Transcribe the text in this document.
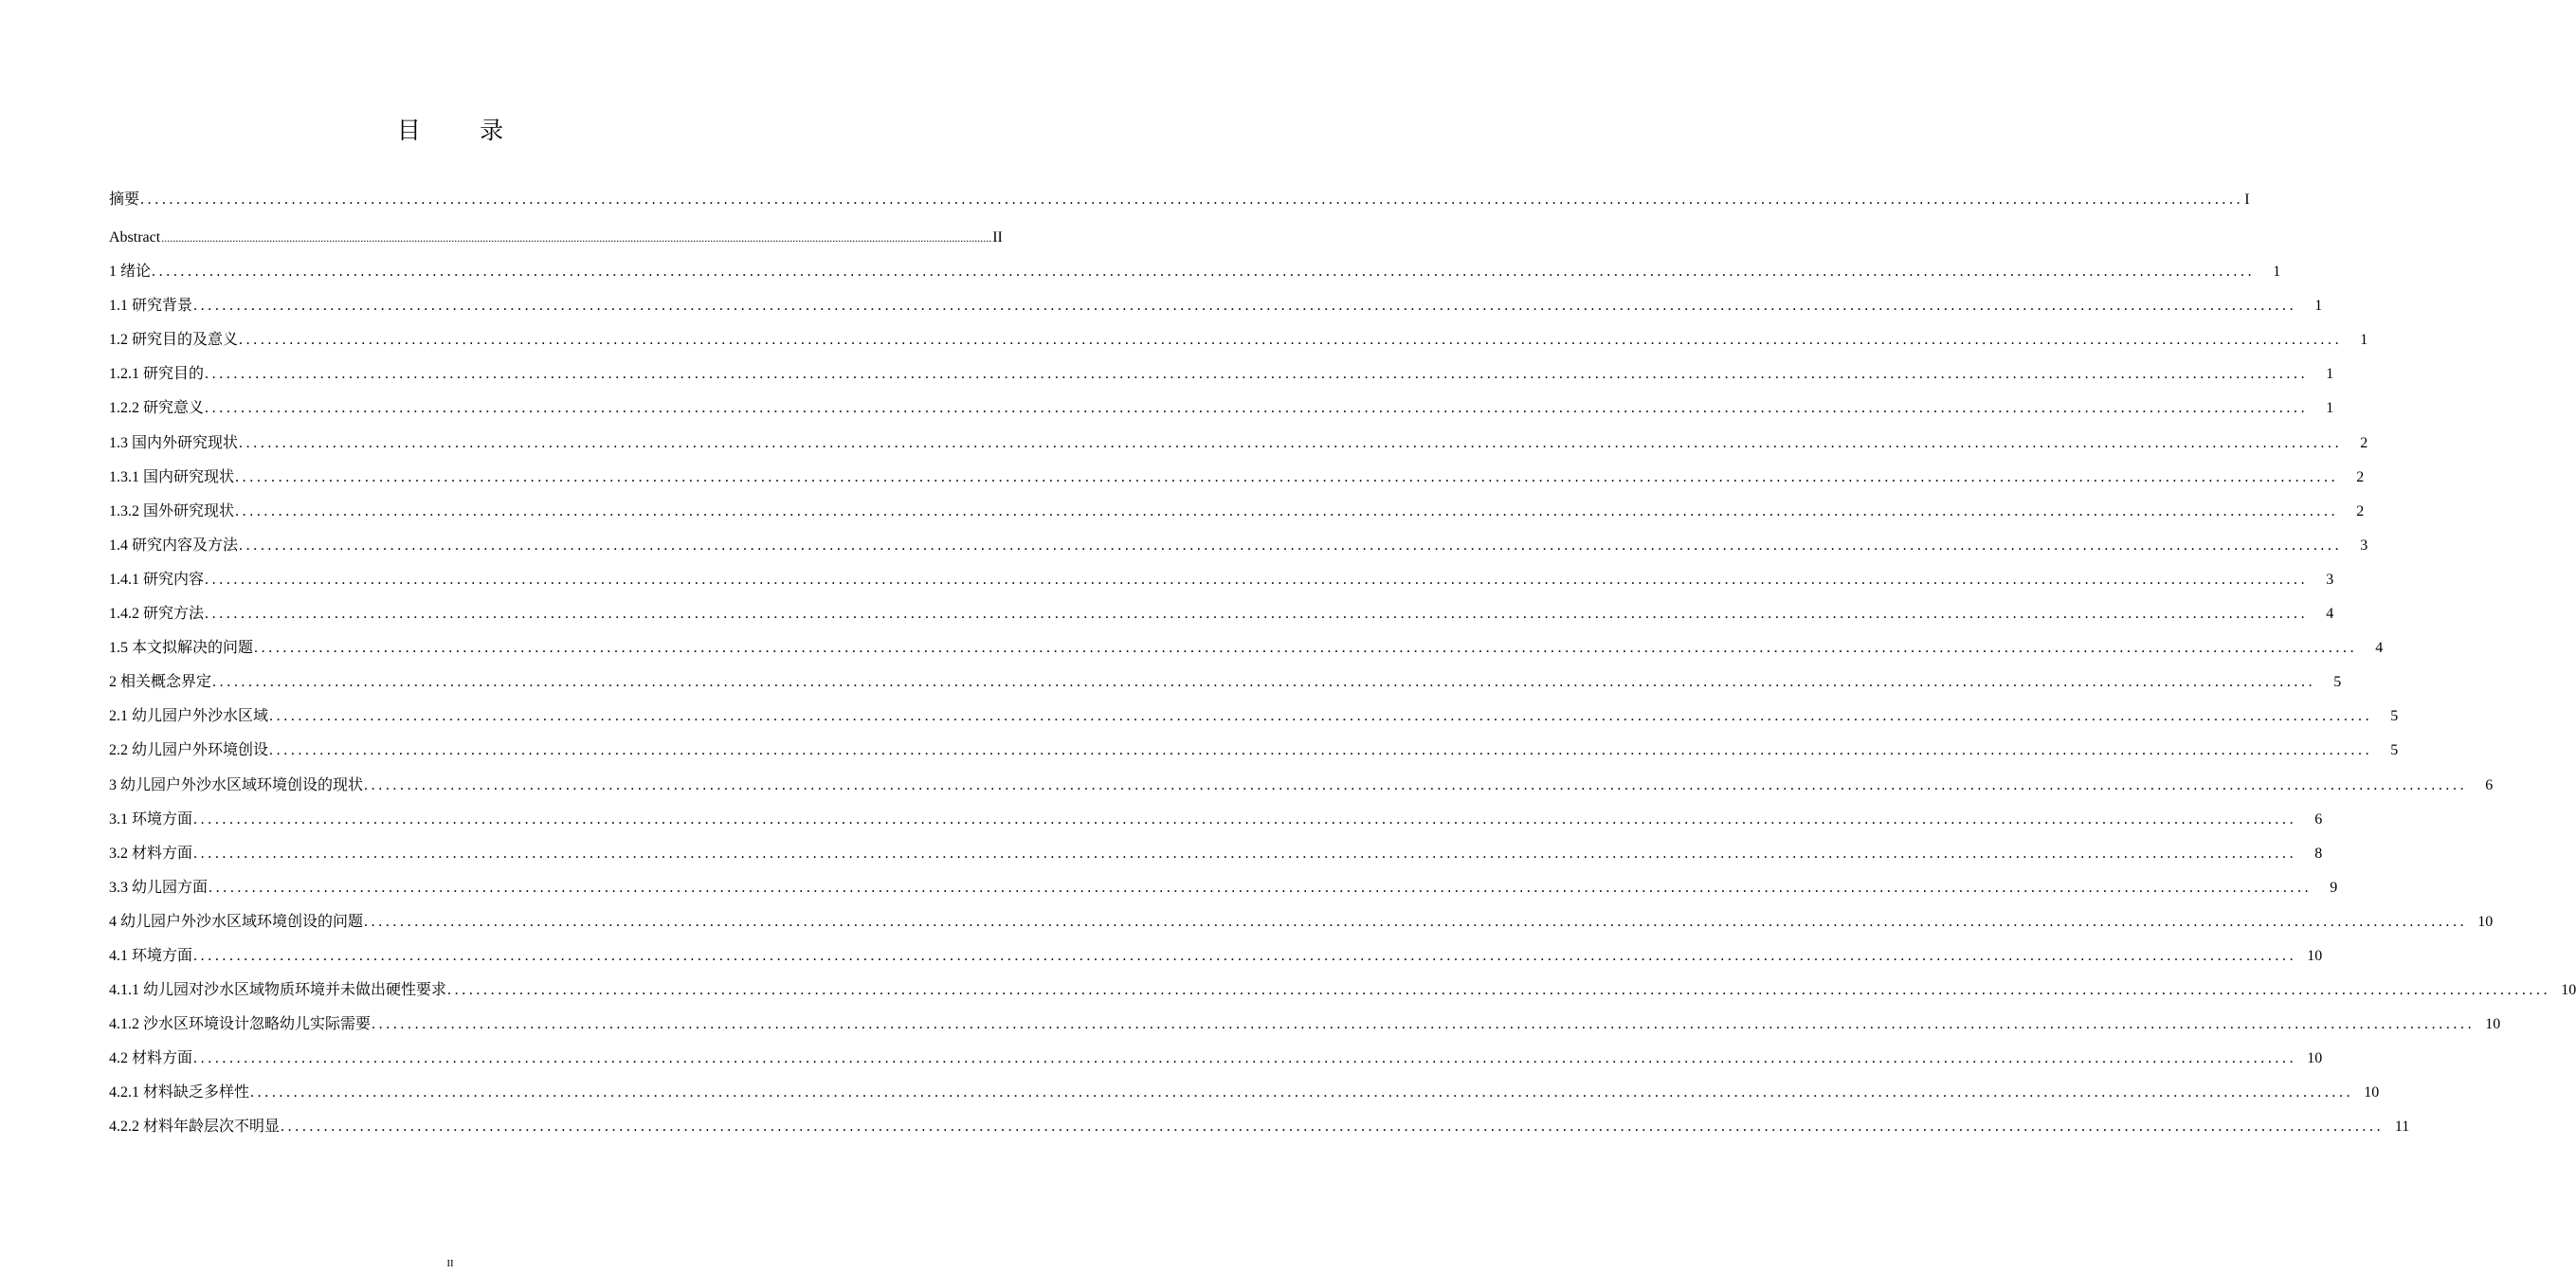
目 录
摘要 .................................................................................................................................................................................................................................................................................................... I
Abstract .................................................................................................................................................................................................................................................................................................... II
1 绪论 ....................................................................................................................................................................................................................................................................................................	1
1.1 研究背景 ....................................................................................................................................................................................................................................................................................................	1
1.2 研究目的及意义 ....................................................................................................................................................................................................................................................................................................	1
1.2.1 研究目的 ....................................................................................................................................................................................................................................................................................................	1
1.2.2 研究意义 ....................................................................................................................................................................................................................................................................................................	1
1.3 国内外研究现状 ....................................................................................................................................................................................................................................................................................................	2
1.3.1 国内研究现状 ....................................................................................................................................................................................................................................................................................................	2
1.3.2 国外研究现状 ....................................................................................................................................................................................................................................................................................................	2
1.4 研究内容及方法 ....................................................................................................................................................................................................................................................................................................	3
1.4.1 研究内容 ....................................................................................................................................................................................................................................................................................................	3
1.4.2 研究方法 ....................................................................................................................................................................................................................................................................................................	4
1.5 本文拟解决的问题 ....................................................................................................................................................................................................................................................................................................	4
2 相关概念界定 ....................................................................................................................................................................................................................................................................................................	5
2.1 幼儿园户外沙水区域 ....................................................................................................................................................................................................................................................................................................	5
2.2 幼儿园户外环境创设 ....................................................................................................................................................................................................................................................................................................	5
3 幼儿园户外沙水区域环境创设的现状 ....................................................................................................................................................................................................................................................................................................	6
3.1 环境方面 ....................................................................................................................................................................................................................................................................................................	6
3.2 材料方面 ....................................................................................................................................................................................................................................................................................................	8
3.3 幼儿园方面 ....................................................................................................................................................................................................................................................................................................	9
4 幼儿园户外沙水区域环境创设的问题 .................................................................................................................................................................................................................................................................................................... 10
4.1 环境方面 .................................................................................................................................................................................................................................................................................................... 10
4.1.1 幼儿园对沙水区域物质环境并未做出硬性要求 .................................................................................................................................................................................................................................................................................................... 10
4.1.2 沙水区环境设计忽略幼儿实际需要 .................................................................................................................................................................................................................................................................................................... 10
4.2 材料方面 .................................................................................................................................................................................................................................................................................................... 10
4.2.1 材料缺乏多样性 .................................................................................................................................................................................................................................................................................................... 10
4.2.2 材料年龄层次不明显 .................................................................................................................................................................................................................................................................................................... 11
II
